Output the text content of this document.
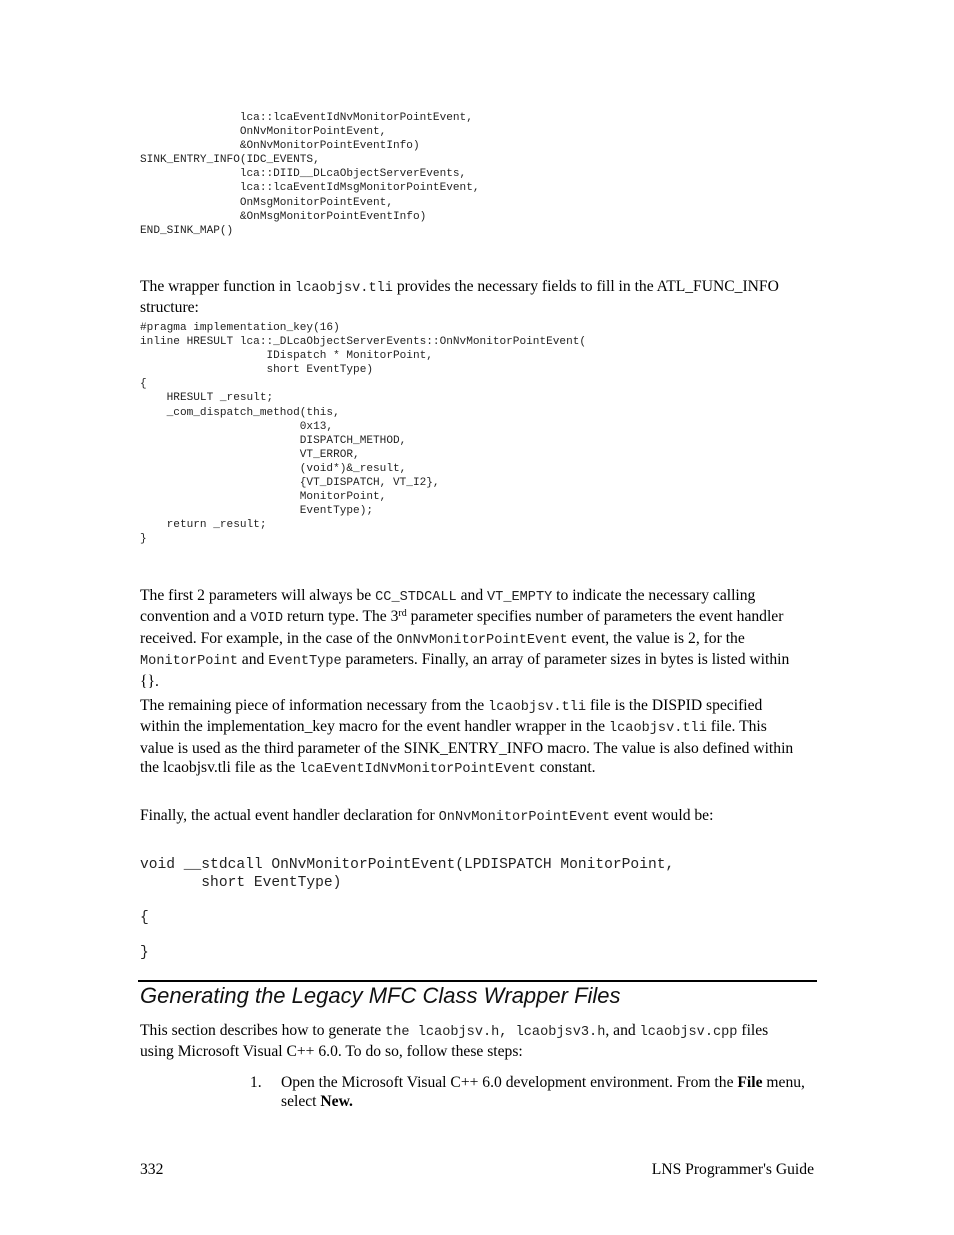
lca::lcaEventIdNvMonitorPointEvent,
OnNvMonitorPointEvent,
&OnNvMonitorPointEventInfo)
SINK_ENTRY_INFO(IDC_EVENTS,
lca::DIID__DLcaObjectServerEvents,
lca::lcaEventIdMsgMonitorPointEvent,
OnMsgMonitorPointEvent,
&OnMsgMonitorPointEventInfo)
END_SINK_MAP()

The wrapper function in lcaobjsv.tli provides the necessary fields to fill in the ATL_FUNC_INFO structure:

#pragma implementation_key(16)
inline HRESULT lca::_DLcaObjectServerEvents::OnNvMonitorPointEvent(
IDispatch * MonitorPoint,
short EventType)
{
HRESULT _result;
_com_dispatch_method(this,
0x13,
DISPATCH_METHOD,
VT_ERROR,
(void*)&_result,
{VT_DISPATCH, VT_I2},
MonitorPoint,
EventType);
return _result;
}

The first 2 parameters will always be CC_STDCALL and VT_EMPTY to indicate the necessary calling convention and a VOID return type. The 3rd parameter specifies number of parameters the event handler received. For example, in the case of the OnNvMonitorPointEvent event, the value is 2, for the MonitorPoint and EventType parameters. Finally, an array of parameter sizes in bytes is listed within {}.

The remaining piece of information necessary from the lcaobjsv.tli file is the DISPID specified within the implementation_key macro for the event handler wrapper in the lcaobjsv.tli file. This value is used as the third parameter of the SINK_ENTRY_INFO macro. The value is also defined within the lcaobjsv.tli file as the lcaEventIdNvMonitorPointEvent constant.

Finally, the actual event handler declaration for OnNvMonitorPointEvent event would be:

void __stdcall OnNvMonitorPointEvent(LPDISPATCH MonitorPoint,
short EventType)

{

}
Generating the Legacy MFC Class Wrapper Files

This section describes how to generate the lcaobjsv.h, lcaobjsv3.h, and lcaobjsv.cpp files using Microsoft Visual C++ 6.0. To do so, follow these steps:

1. Open the Microsoft Visual C++ 6.0 development environment. From the File menu, select New.

332	LNS Programmer's Guide
